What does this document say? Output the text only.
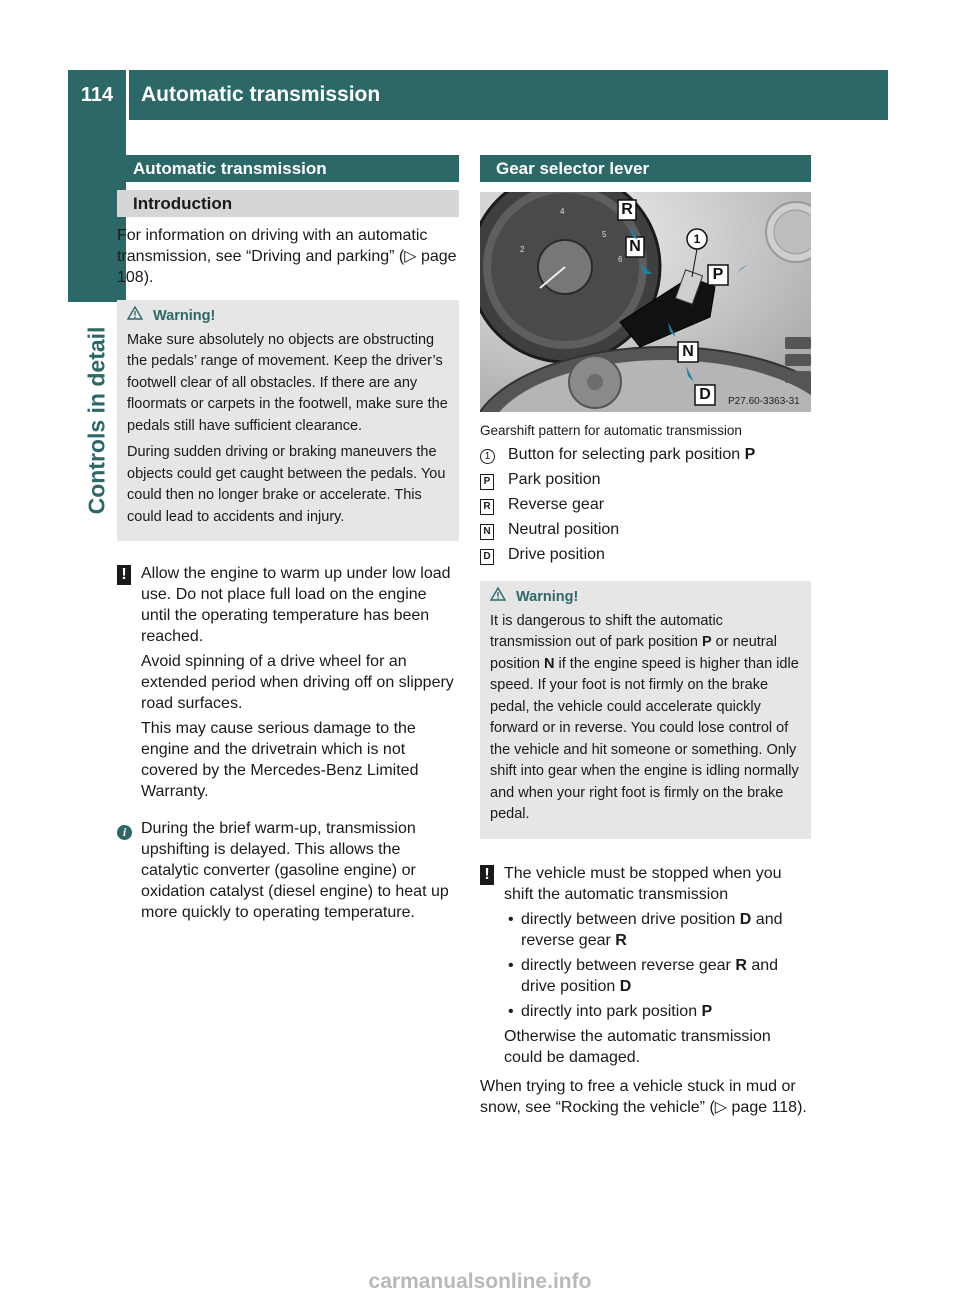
114	Automatic transmission
Controls in detail
Automatic transmission
Introduction

For information on driving with an automatic transmission, see “Driving and parking” (▷ page 108).

Warning!

Make sure absolutely no objects are obstructing the pedals’ range of movement. Keep the driver’s footwell clear of all obstacles. If there are any floormats or carpets in the footwell, make sure the pedals still have sufficient clearance.

During sudden driving or braking maneuvers the objects could get caught between the pedals. You could then no longer brake or accelerate. This could lead to accidents and injury.

! Allow the engine to warm up under low load use. Do not place full load on the engine until the operating temperature has been reached.

Avoid spinning of a drive wheel for an extended period when driving off on slippery road surfaces.

This may cause serious damage to the engine and the drivetrain which is not covered by the Mercedes-Benz Limited Warranty.

i During the brief warm-up, transmission upshifting is delayed. This allows the catalytic converter (gasoline engine) or oxidation catalyst (diesel engine) to heat up more quickly to operating temperature.

Gear selector lever
2
4
5
6
R
N
P
N
D
1
P27.60-3363-31
Gearshift pattern for automatic transmission
1	Button for selecting park position P
P	Park position
R	Reverse gear
N	Neutral position
D	Drive position
Warning!

It is dangerous to shift the automatic transmission out of park position P or neutral position N if the engine speed is higher than idle speed. If your foot is not firmly on the brake pedal, the vehicle could accelerate quickly forward or in reverse. You could lose control of the vehicle and hit someone or something. Only shift into gear when the engine is idling normally and when your right foot is firmly on the brake pedal.

! The vehicle must be stopped when you shift the automatic transmission

• directly between drive position D and reverse gear R
• directly between reverse gear R and drive position D
• directly into park position P

Otherwise the automatic transmission could be damaged.

When trying to free a vehicle stuck in mud or snow, see “Rocking the vehicle” (▷ page 118).

carmanualsonline.info
